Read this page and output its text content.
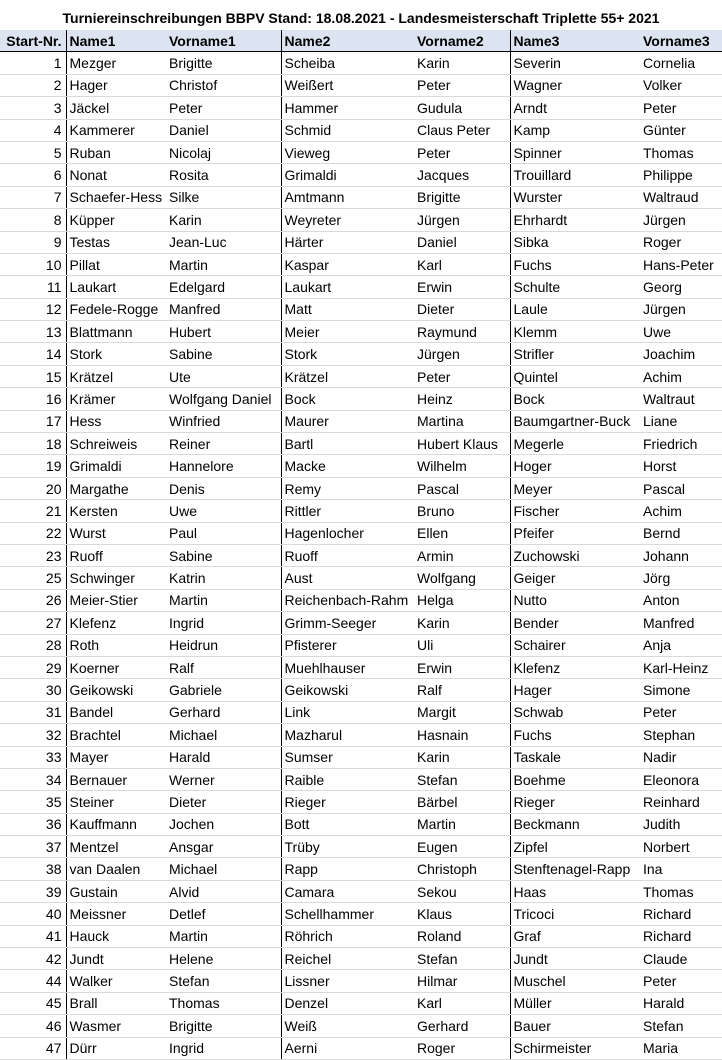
Turniereinschreibungen BBPV Stand: 18.08.2021 - Landesmeisterschaft Triplette 55+ 2021
Start-Nr.	Name1	Vorname1	Name2	Vorname2	Name3	Vorname3
1	Mezger	Brigitte	Scheiba	Karin	Severin	Cornelia
2	Hager	Christof	Weißert	Peter	Wagner	Volker
3	Jäckel	Peter	Hammer	Gudula	Arndt	Peter
4	Kammerer	Daniel	Schmid	Claus Peter	Kamp	Günter
5	Ruban	Nicolaj	Vieweg	Peter	Spinner	Thomas
6	Nonat	Rosita	Grimaldi	Jacques	Trouillard	Philippe
7	Schaefer-Hess	Silke	Amtmann	Brigitte	Wurster	Waltraud
8	Küpper	Karin	Weyreter	Jürgen	Ehrhardt	Jürgen
9	Testas	Jean-Luc	Härter	Daniel	Sibka	Roger
10	Pillat	Martin	Kaspar	Karl	Fuchs	Hans-Peter
11	Laukart	Edelgard	Laukart	Erwin	Schulte	Georg
12	Fedele-Rogge	Manfred	Matt	Dieter	Laule	Jürgen
13	Blattmann	Hubert	Meier	Raymund	Klemm	Uwe
14	Stork	Sabine	Stork	Jürgen	Strifler	Joachim
15	Krätzel	Ute	Krätzel	Peter	Quintel	Achim
16	Krämer	Wolfgang Daniel	Bock	Heinz	Bock	Waltraut
17	Hess	Winfried	Maurer	Martina	Baumgartner-Buck	Liane
18	Schreiweis	Reiner	Bartl	Hubert Klaus	Megerle	Friedrich
19	Grimaldi	Hannelore	Macke	Wilhelm	Hoger	Horst
20	Margathe	Denis	Remy	Pascal	Meyer	Pascal
21	Kersten	Uwe	Rittler	Bruno	Fischer	Achim
22	Wurst	Paul	Hagenlocher	Ellen	Pfeifer	Bernd
23	Ruoff	Sabine	Ruoff	Armin	Zuchowski	Johann
25	Schwinger	Katrin	Aust	Wolfgang	Geiger	Jörg
26	Meier-Stier	Martin	Reichenbach-Rahm	Helga	Nutto	Anton
27	Klefenz	Ingrid	Grimm-Seeger	Karin	Bender	Manfred
28	Roth	Heidrun	Pfisterer	Uli	Schairer	Anja
29	Koerner	Ralf	Muehlhauser	Erwin	Klefenz	Karl-Heinz
30	Geikowski	Gabriele	Geikowski	Ralf	Hager	Simone
31	Bandel	Gerhard	Link	Margit	Schwab	Peter
32	Brachtel	Michael	Mazharul	Hasnain	Fuchs	Stephan
33	Mayer	Harald	Sumser	Karin	Taskale	Nadir
34	Bernauer	Werner	Raible	Stefan	Boehme	Eleonora
35	Steiner	Dieter	Rieger	Bärbel	Rieger	Reinhard
36	Kauffmann	Jochen	Bott	Martin	Beckmann	Judith
37	Mentzel	Ansgar	Trüby	Eugen	Zipfel	Norbert
38	van Daalen	Michael	Rapp	Christoph	Stenftenagel-Rapp	Ina
39	Gustain	Alvid	Camara	Sekou	Haas	Thomas
40	Meissner	Detlef	Schellhammer	Klaus	Tricoci	Richard
41	Hauck	Martin	Röhrich	Roland	Graf	Richard
42	Jundt	Helene	Reichel	Stefan	Jundt	Claude
44	Walker	Stefan	Lissner	Hilmar	Muschel	Peter
45	Brall	Thomas	Denzel	Karl	Müller	Harald
46	Wasmer	Brigitte	Weiß	Gerhard	Bauer	Stefan
47	Dürr	Ingrid	Aerni	Roger	Schirmeister	Maria
